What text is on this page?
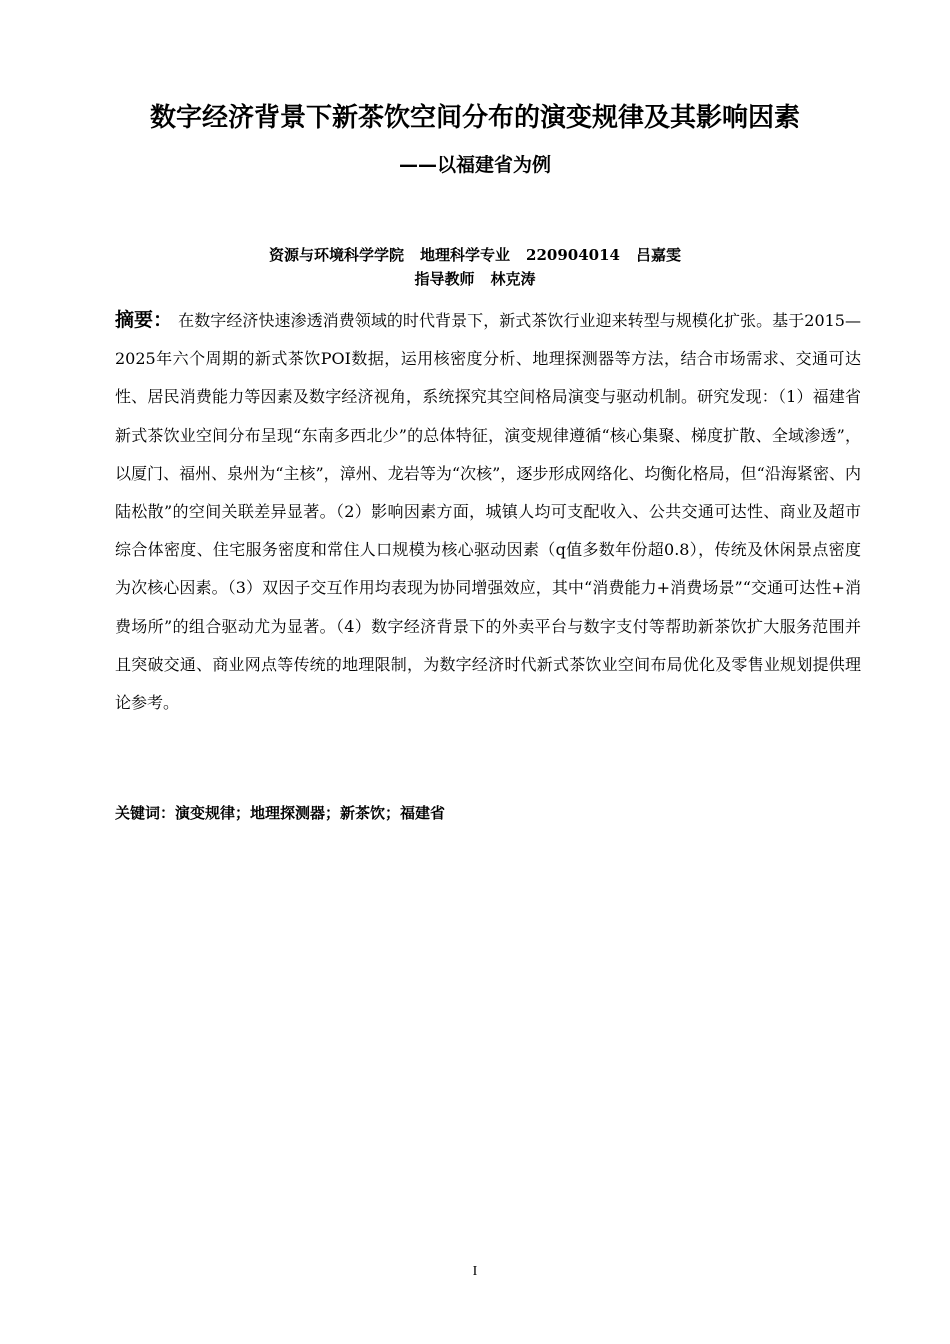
数字经济背景下新茶饮空间分布的演变规律及其影响因素
——以福建省为例
资源与环境科学学院 地理科学专业 220904014 吕嘉雯
指导教师 林克涛
摘要： 在数字经济快速渗透消费领域的时代背景下，新式茶饮行业迎来转型与规模化扩张。基于2015—2025年六个周期的新式茶饮POI数据，运用核密度分析、地理探测器等方法，结合市场需求、交通可达性、居民消费能力等因素及数字经济视角，系统探究其空间格局演变与驱动机制。研究发现：（1）福建省新式茶饮业空间分布呈现“东南多西北少”的总体特征，演变规律遵循“核心集聚、梯度扩散、全域渗透”，以厦门、福州、泉州为“主核”，漳州、龙岩等为“次核”，逐步形成网络化、均衡化格局，但“沿海紧密、内陆松散”的空间关联差异显著。（2）影响因素方面，城镇人均可支配收入、公共交通可达性、商业及超市综合体密度、住宅服务密度和常住人口规模为核心驱动因素（q值多数年份超0.8），传统及休闲景点密度为次核心因素。（3）双因子交互作用均表现为协同增强效应，其中“消费能力+消费场景”“交通可达性+消费场所”的组合驱动尤为显著。（4）数字经济背景下的外卖平台与数字支付等帮助新茶饮扩大服务范围并且突破交通、商业网点等传统的地理限制，为数字经济时代新式茶饮业空间布局优化及零售业规划提供理论参考。
关键词：演变规律；地理探测器；新茶饮；福建省
I
